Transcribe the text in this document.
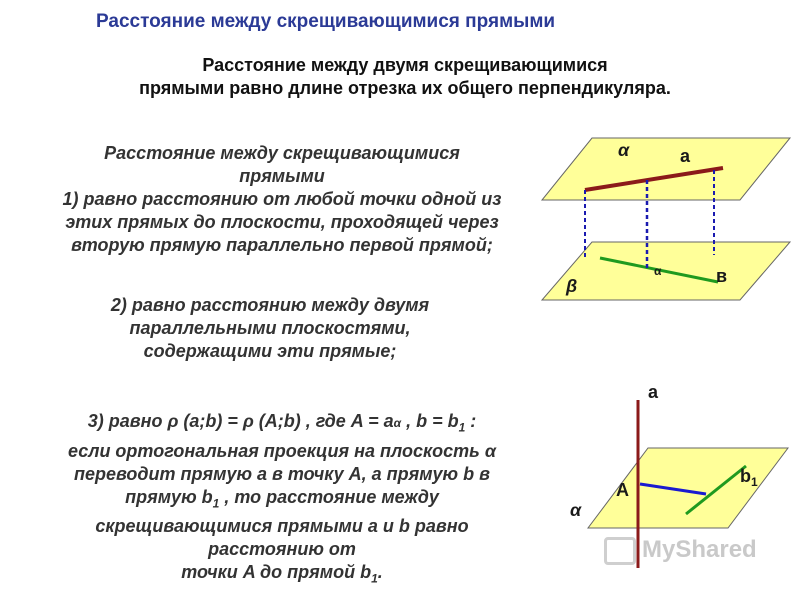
Расстояние между скрещивающимися прямыми
Расстояние между двумя скрещивающимися
прямыми равно длине отрезка их общего перпендикуляра.
Расстояние между скрещивающимися
прямыми
1) равно расстоянию от любой точки одной из
этих прямых до плоскости, проходящей через
вторую прямую параллельно первой прямой;
2) равно расстоянию между двумя
параллельными плоскостями,
содержащими эти прямые;
3) равно ρ (a;b) = ρ (A;b) , где A = aα , $b = b_1$ :
если ортогональная проекция на плоскость α
переводит прямую a в точку A, а прямую b в
прямую $b_1$ , то расстояние между
скрещивающимися прямыми a и b равно
расстоянию от
точки A до прямой $b_1$.
α	a
β	в
α
a
A
α
$b_1$
MyShared
